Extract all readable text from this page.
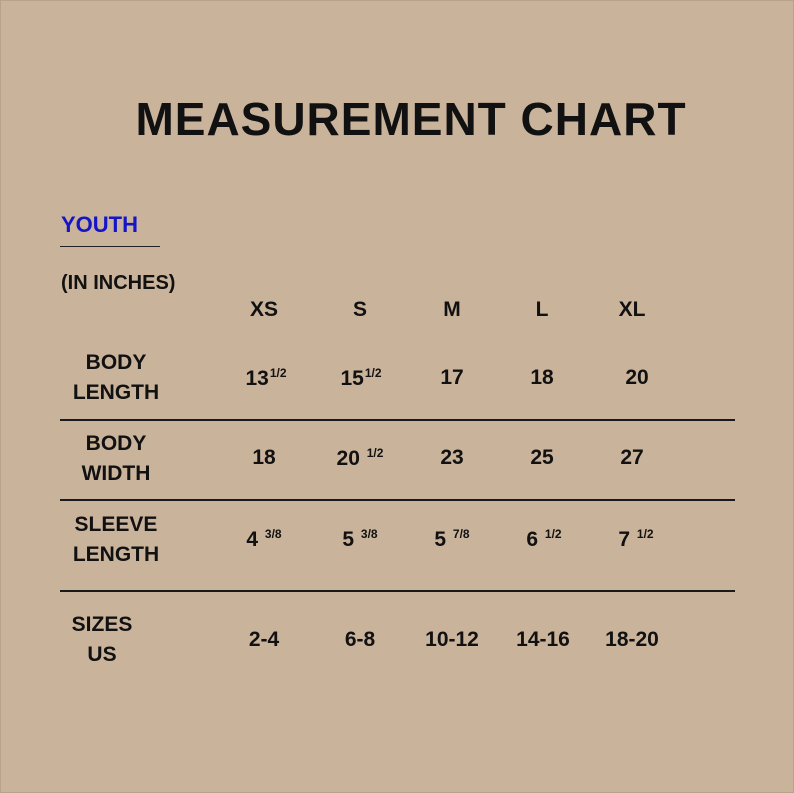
MEASUREMENT CHART
YOUTH
(IN INCHES)
XS	S	M	L	XL
BODY
LENGTH
$13^{1/2}$	$15^{1/2}$	17	18	20
BODY
WIDTH
18	20 $^{1/2}$	23	25	27
SLEEVE
LENGTH
4 $^{3/8}$	5 $^{3/8}$	5 $^{7/8}$	6 $^{1/2}$	7 $^{1/2}$
SIZES
US
2-4	6-8 10-12 14-16 18-20
